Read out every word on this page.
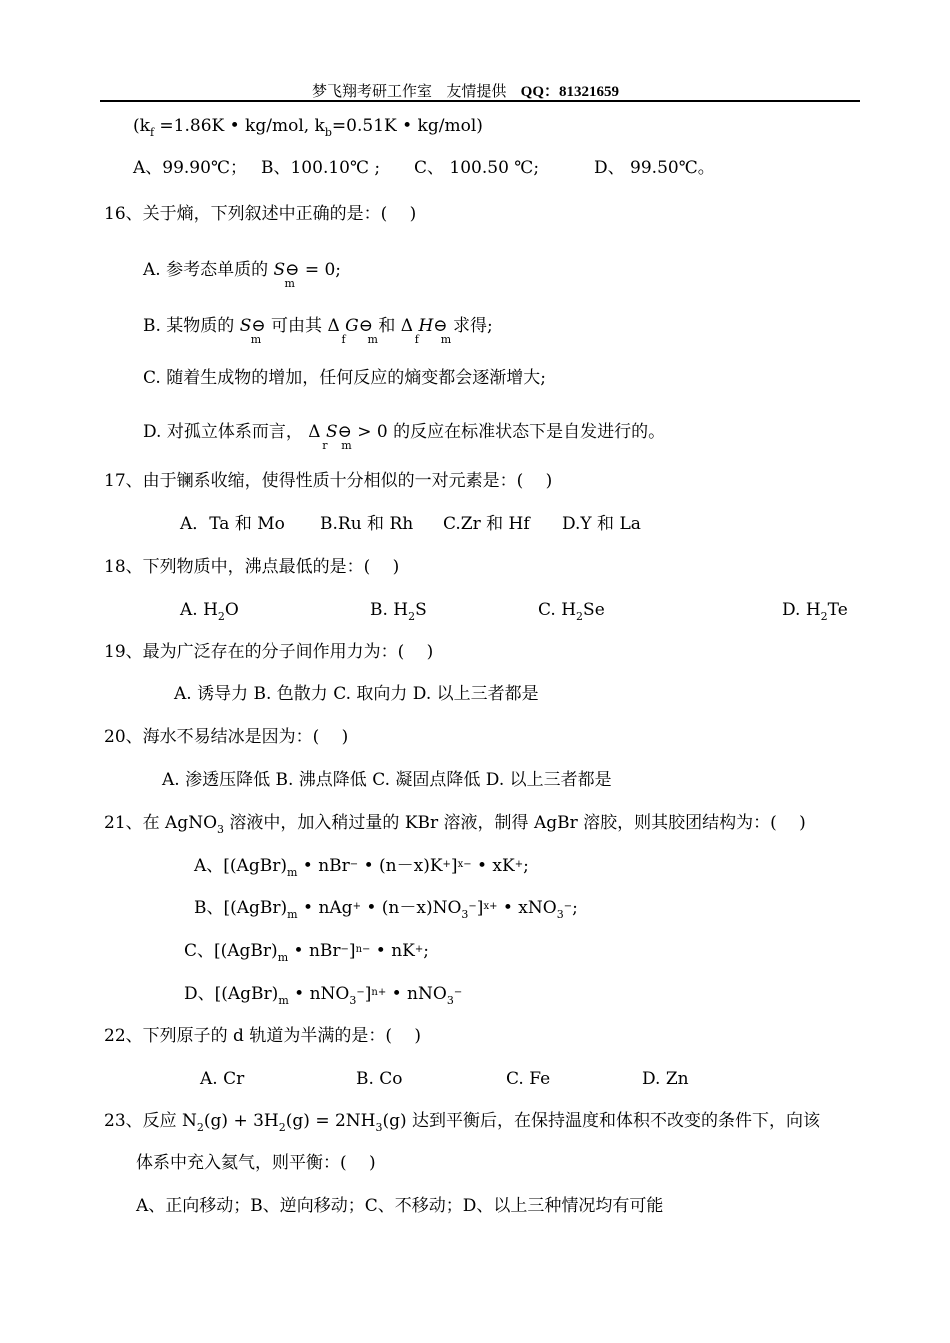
梦飞翔考研工作室 友情提供 QQ：81321659
($k_f =1.86K$ • kg/mol, $k_b=0.51K$ • kg/mol)
A、99.90℃； B、100.10℃ ; C、 100.50 ℃;	D、 99.50℃。
16、关于熵，下列叙述中正确的是：(　 )
A. 参考态单质的 S⊖
m
= 0;
B. 某物质的 S⊖
m
可由其 Δ
f
G⊖
m
和 Δ
f
H⊖
m
求得;
C. 随着生成物的增加，任何反应的熵变都会逐渐增大;
D. 对孤立体系而言， Δ
r
S⊖
m
> 0 的反应在标准状态下是自发进行的。
17、由于镧系收缩，使得性质十分相似的一对元素是：(　 )
A．Ta 和 Mo B.Ru 和 Rh C.Zr 和 Hf D.Y 和 La
18、下列物质中，沸点最低的是：(　 )
A. $H_2O$	B. $H_2S$	C. $H_2Se$	D. $H_2Te$
19、最为广泛存在的分子间作用力为：(　 )
A. 诱导力 B. 色散力 C. 取向力 D. 以上三者都是
20、海水不易结冰是因为：(　 )
A. 渗透压降低 B. 沸点降低 C. 凝固点降低 D. 以上三者都是
21、在 AgNO$_3$ 溶液中，加入稍过量的 KBr 溶液，制得 AgBr 溶胶，则其胶团结构为：(　 )
A、[$(AgBr)_m$ • nBr− • (n－x)K+]$^{x-}$ • xK+;
B、[$(AgBr)_m$ • nAg+ • $(n-x)NO_3^-]^{x+}$ • xNO$_3$−;
C、[$(AgBr)_m$ • nBr−]$^{n-}$ • nK+;
D、[$(AgBr)_m$ • nNO$_3$−]$^{n+}$ • nNO$_3$−
22、下列原子的 d 轨道为半满的是：(　 )
A. Cr	B. Co	C. Fe	D. Zn
23、反应 $N_2(g) + 3H_2(g) = 2NH_3(g)$ 达到平衡后，在保持温度和体积不改变的条件下，向该
体系中充入氦气，则平衡：(　 )
A、正向移动；B、逆向移动；C、不移动；D、以上三种情况均有可能
